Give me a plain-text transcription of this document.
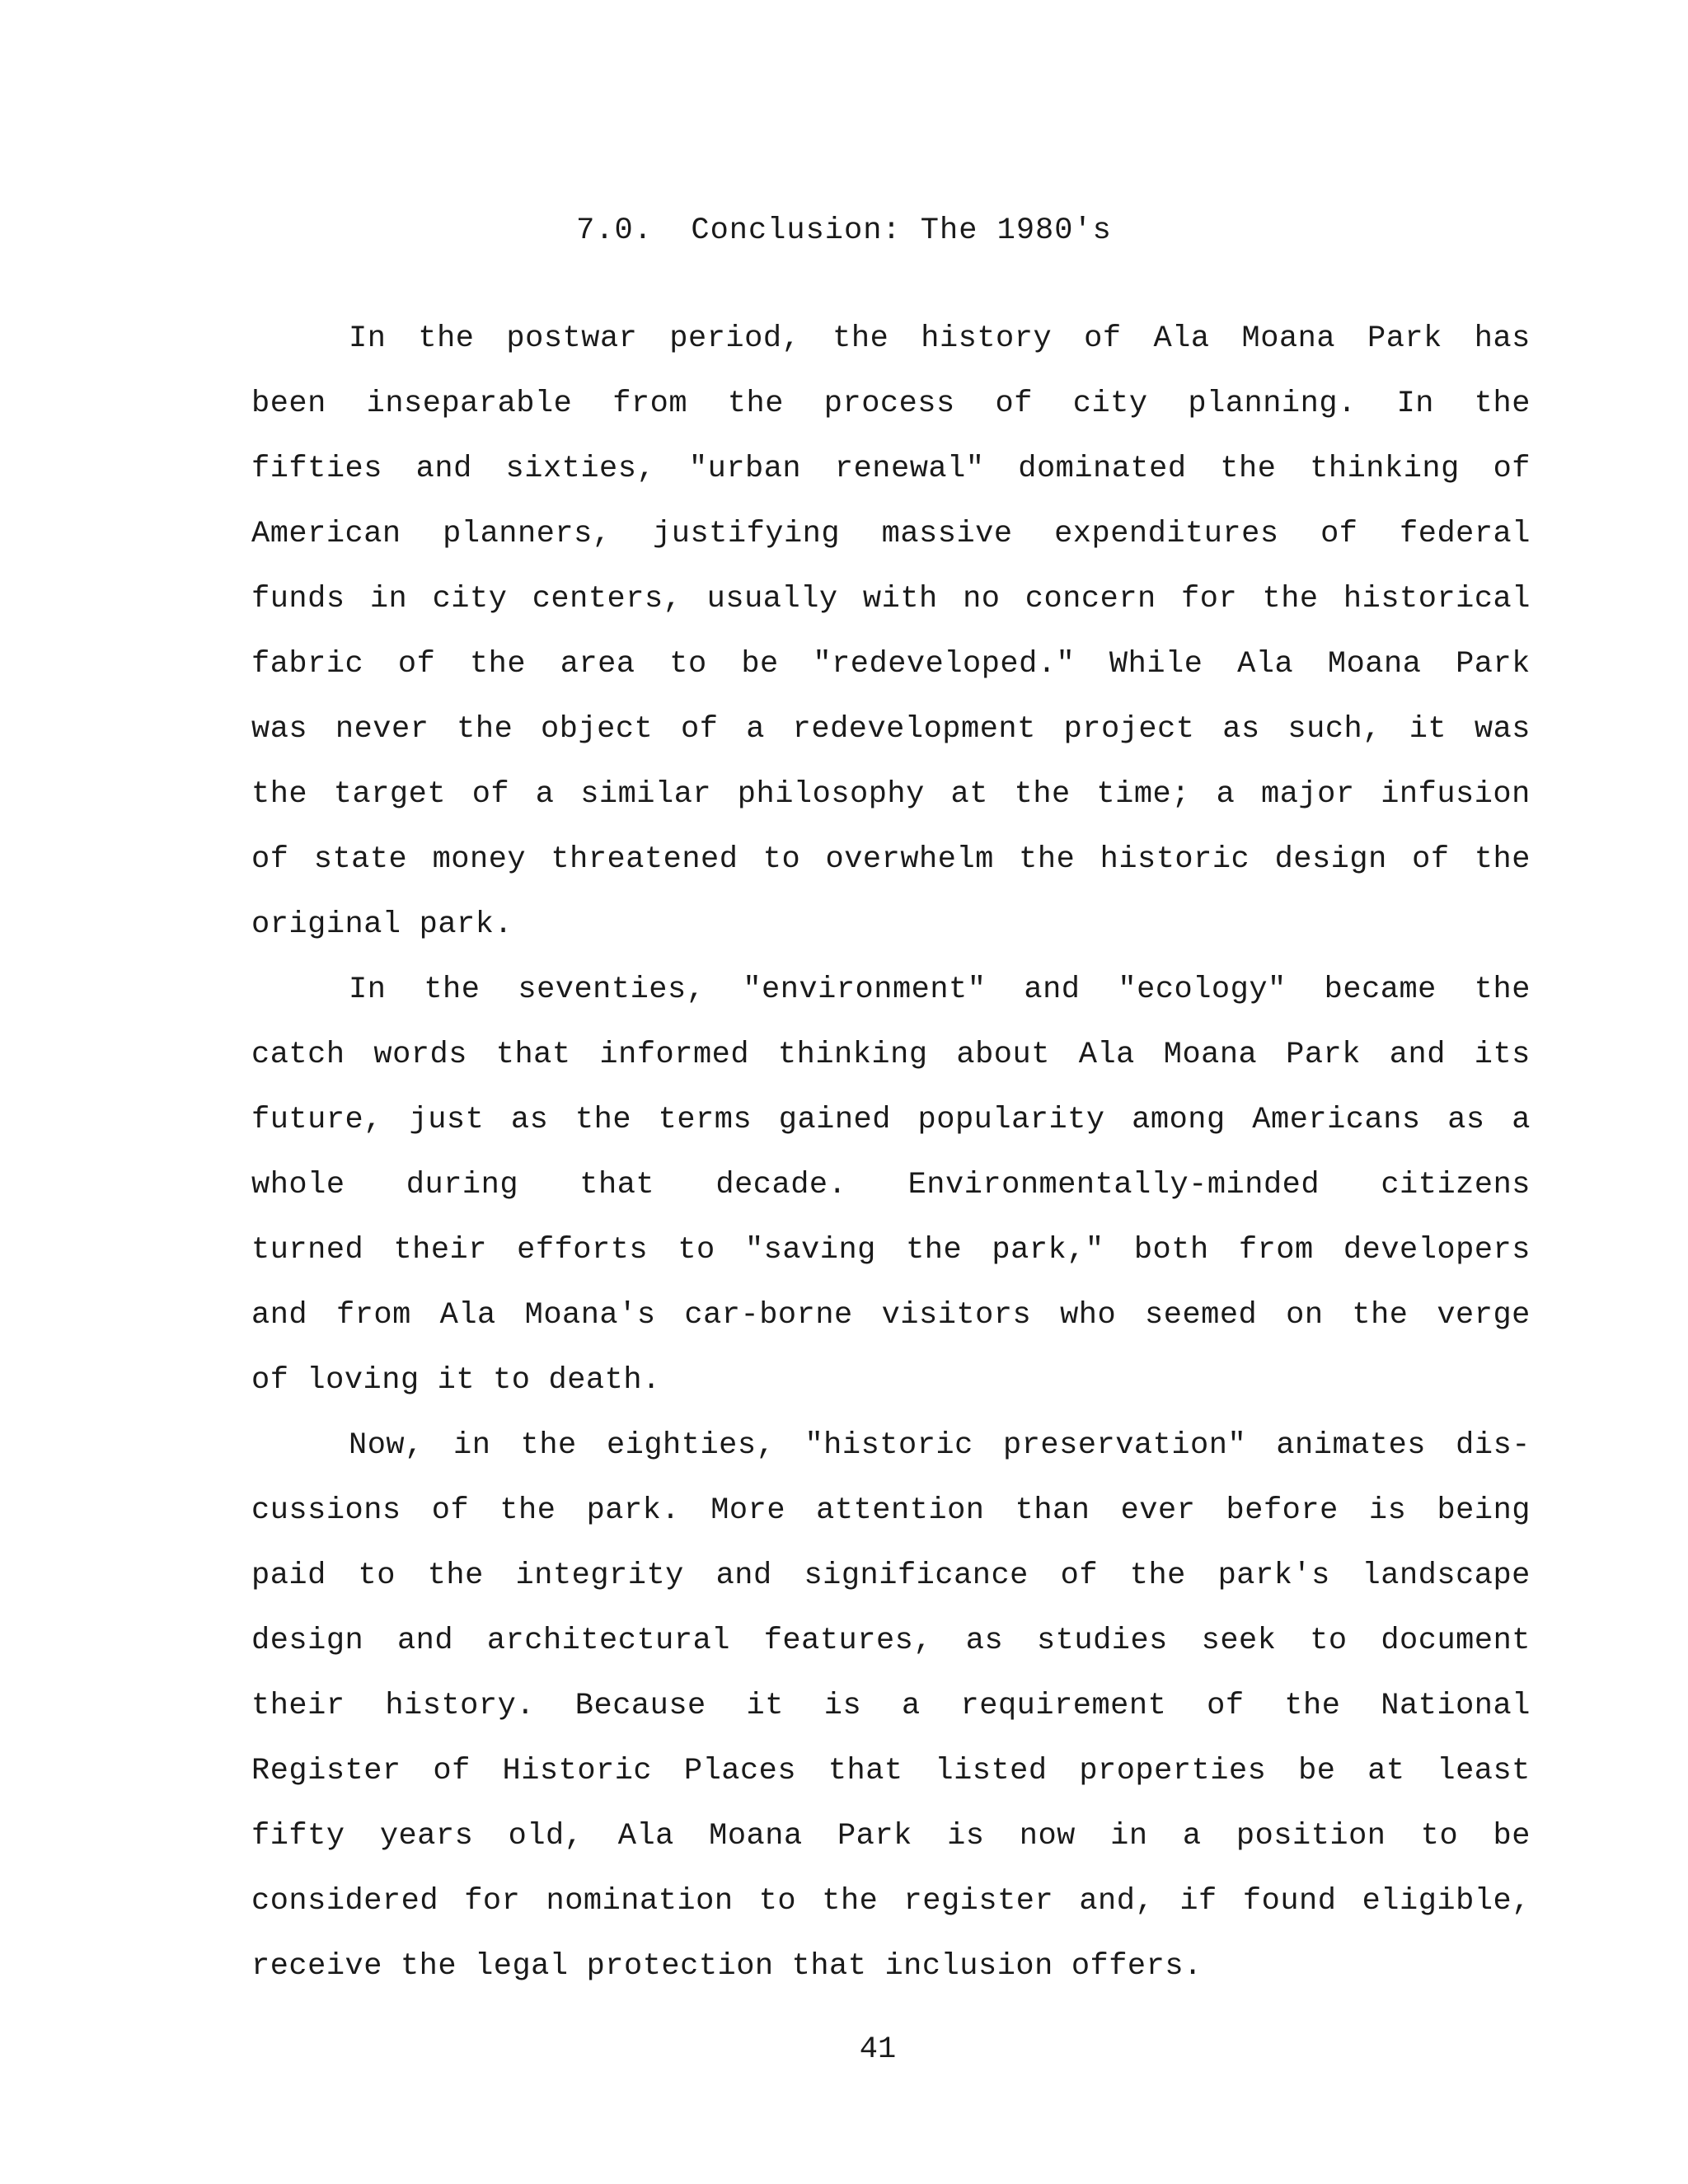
7.0.  Conclusion: The 1980's
In the postwar period, the history of Ala Moana Park has
been inseparable from the process of city planning. In the
fifties and sixties, "urban renewal" dominated the thinking of
American planners, justifying massive expenditures of federal
funds in city centers, usually with no concern for the historical
fabric of the area to be "redeveloped." While Ala Moana Park
was never the object of a redevelopment project as such, it was
the target of a similar philosophy at the time; a major infusion
of state money threatened to overwhelm the historic design of the
original park.
In the seventies, "environment" and "ecology" became the
catch words that informed thinking about Ala Moana Park and its
future, just as the terms gained popularity among Americans as a
whole during that decade. Environmentally-minded citizens
turned their efforts to "saving the park," both from developers
and from Ala Moana's car-borne visitors who seemed on the verge
of loving it to death.
Now, in the eighties, "historic preservation" animates dis-
cussions of the park. More attention than ever before is being
paid to the integrity and significance of the park's landscape
design and architectural features, as studies seek to document
their history. Because it is a requirement of the National
Register of Historic Places that listed properties be at least
fifty years old, Ala Moana Park is now in a position to be
considered for nomination to the register and, if found eligible,
receive the legal protection that inclusion offers.
41
